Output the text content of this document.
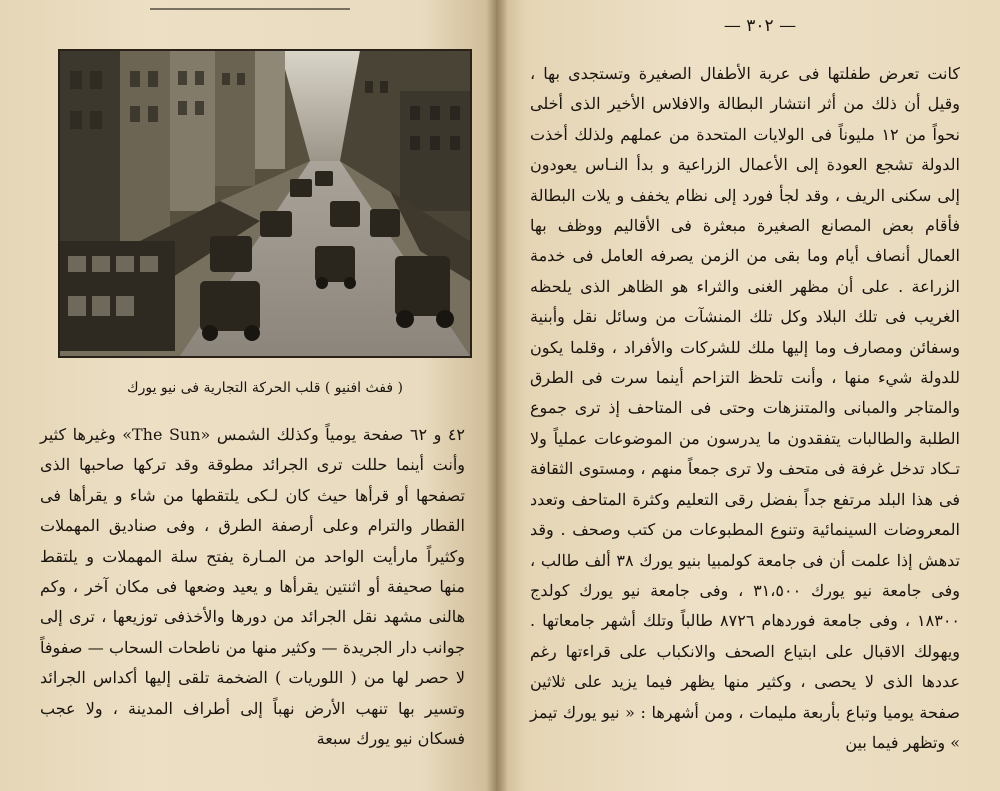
( ففث افنيو ) قلب الحركة التجارية فى نيو يورك

٤٢ و ٦٢ صفحة يومياً وكذلك الشمس «The Sun» وغيرها كثير وأنت أينما حللت ترى الجرائد مطوقة وقد تركها صاحبها الذى تصفحها أو قرأها حيث كان لـكى يلتقطها من شاء و يقرأها فى القطار والترام وعلى أرصفة الطرق ، وفى صناديق المهملات وكثيراً مارأيت الواحد من المـارة يفتح سلة المهملات و يلتقط منها صحيفة أو اثنتين يقرأها و يعيد وضعها فى مكان آخر ، وكم هالنى مشهد نقل الجرائد من دورها والأخذفى توزيعها ، ترى إلى جوانب دار الجريدة — وكثير منها من ناطحات السحاب — صفوفاً لا حصر لها من ( اللوريات ) الضخمة تلقى إليها أكداس الجرائد وتسير بها تنهب الأرض نهباً إلى أطراف المدينة ، ولا عجب فسكان نيو يورك سبعة

— ٣٠٢ —

كانت تعرض طفلتها فى عربة الأطفال الصغيرة وتستجدى بها ، وقيل أن ذلك من أثر انتشار البطالة والافلاس الأخير الذى أخلى نحواً من ١٢ مليوناً فى الولايات المتحدة من عملهم ولذلك أخذت الدولة تشجع العودة إلى الأعمال الزراعية و بدأ النـاس يعودون إلى سكنى الريف ، وقد لجأ فورد إلى نظام يخفف و يلات البطالة فأقام بعض المصانع الصغيرة مبعثرة فى الأقاليم ووظف بها العمال أنصاف أيام وما بقى من الزمن يصرفه العامل فى خدمة الزراعة . على أن مظهر الغنى والثراء هو الظاهر الذى يلحظه الغريب فى تلك البلاد وكل تلك المنشآت من وسائل نقل وأبنية وسفائن ومصارف وما إليها ملك للشركات والأفراد ، وقلما يكون للدولة شيء منها ، وأنت تلحظ التزاحم أينما سرت فى الطرق والمتاجر والمبانى والمتنزهات وحتى فى المتاحف إذ ترى جموع الطلبة والطالبات يتفقدون ما يدرسون من الموضوعات عملياً ولا تـكاد تدخل غرفة فى متحف ولا ترى جمعاً منهم ، ومستوى الثقافة فى هذا البلد مرتفع جداً بفضل رقى التعليم وكثرة المتاحف وتعدد المعروضات السينمائية وتنوع المطبوعات من كتب وصحف . وقد تدهش إذا علمت أن فى جامعة كولمبيا بنيو يورك ٣٨ ألف طالب ، وفى جامعة نيو يورك ٣١،٥٠٠ ، وفى جامعة نيو يورك كولدج ١٨٣٠٠ ، وفى جامعة فوردهام ٨٧٢٦ طالباً وتلك أشهر جامعاتها . ويهولك الاقبال على ابتياع الصحف والانكباب على قراءتها رغم عددها الذى لا يحصى ، وكثير منها يظهر فيما يزيد على ثلاثين صفحة يوميا وتباع بأربعة مليمات ، ومن أشهرها : « نيو يورك تيمز » وتظهر فيما بين
